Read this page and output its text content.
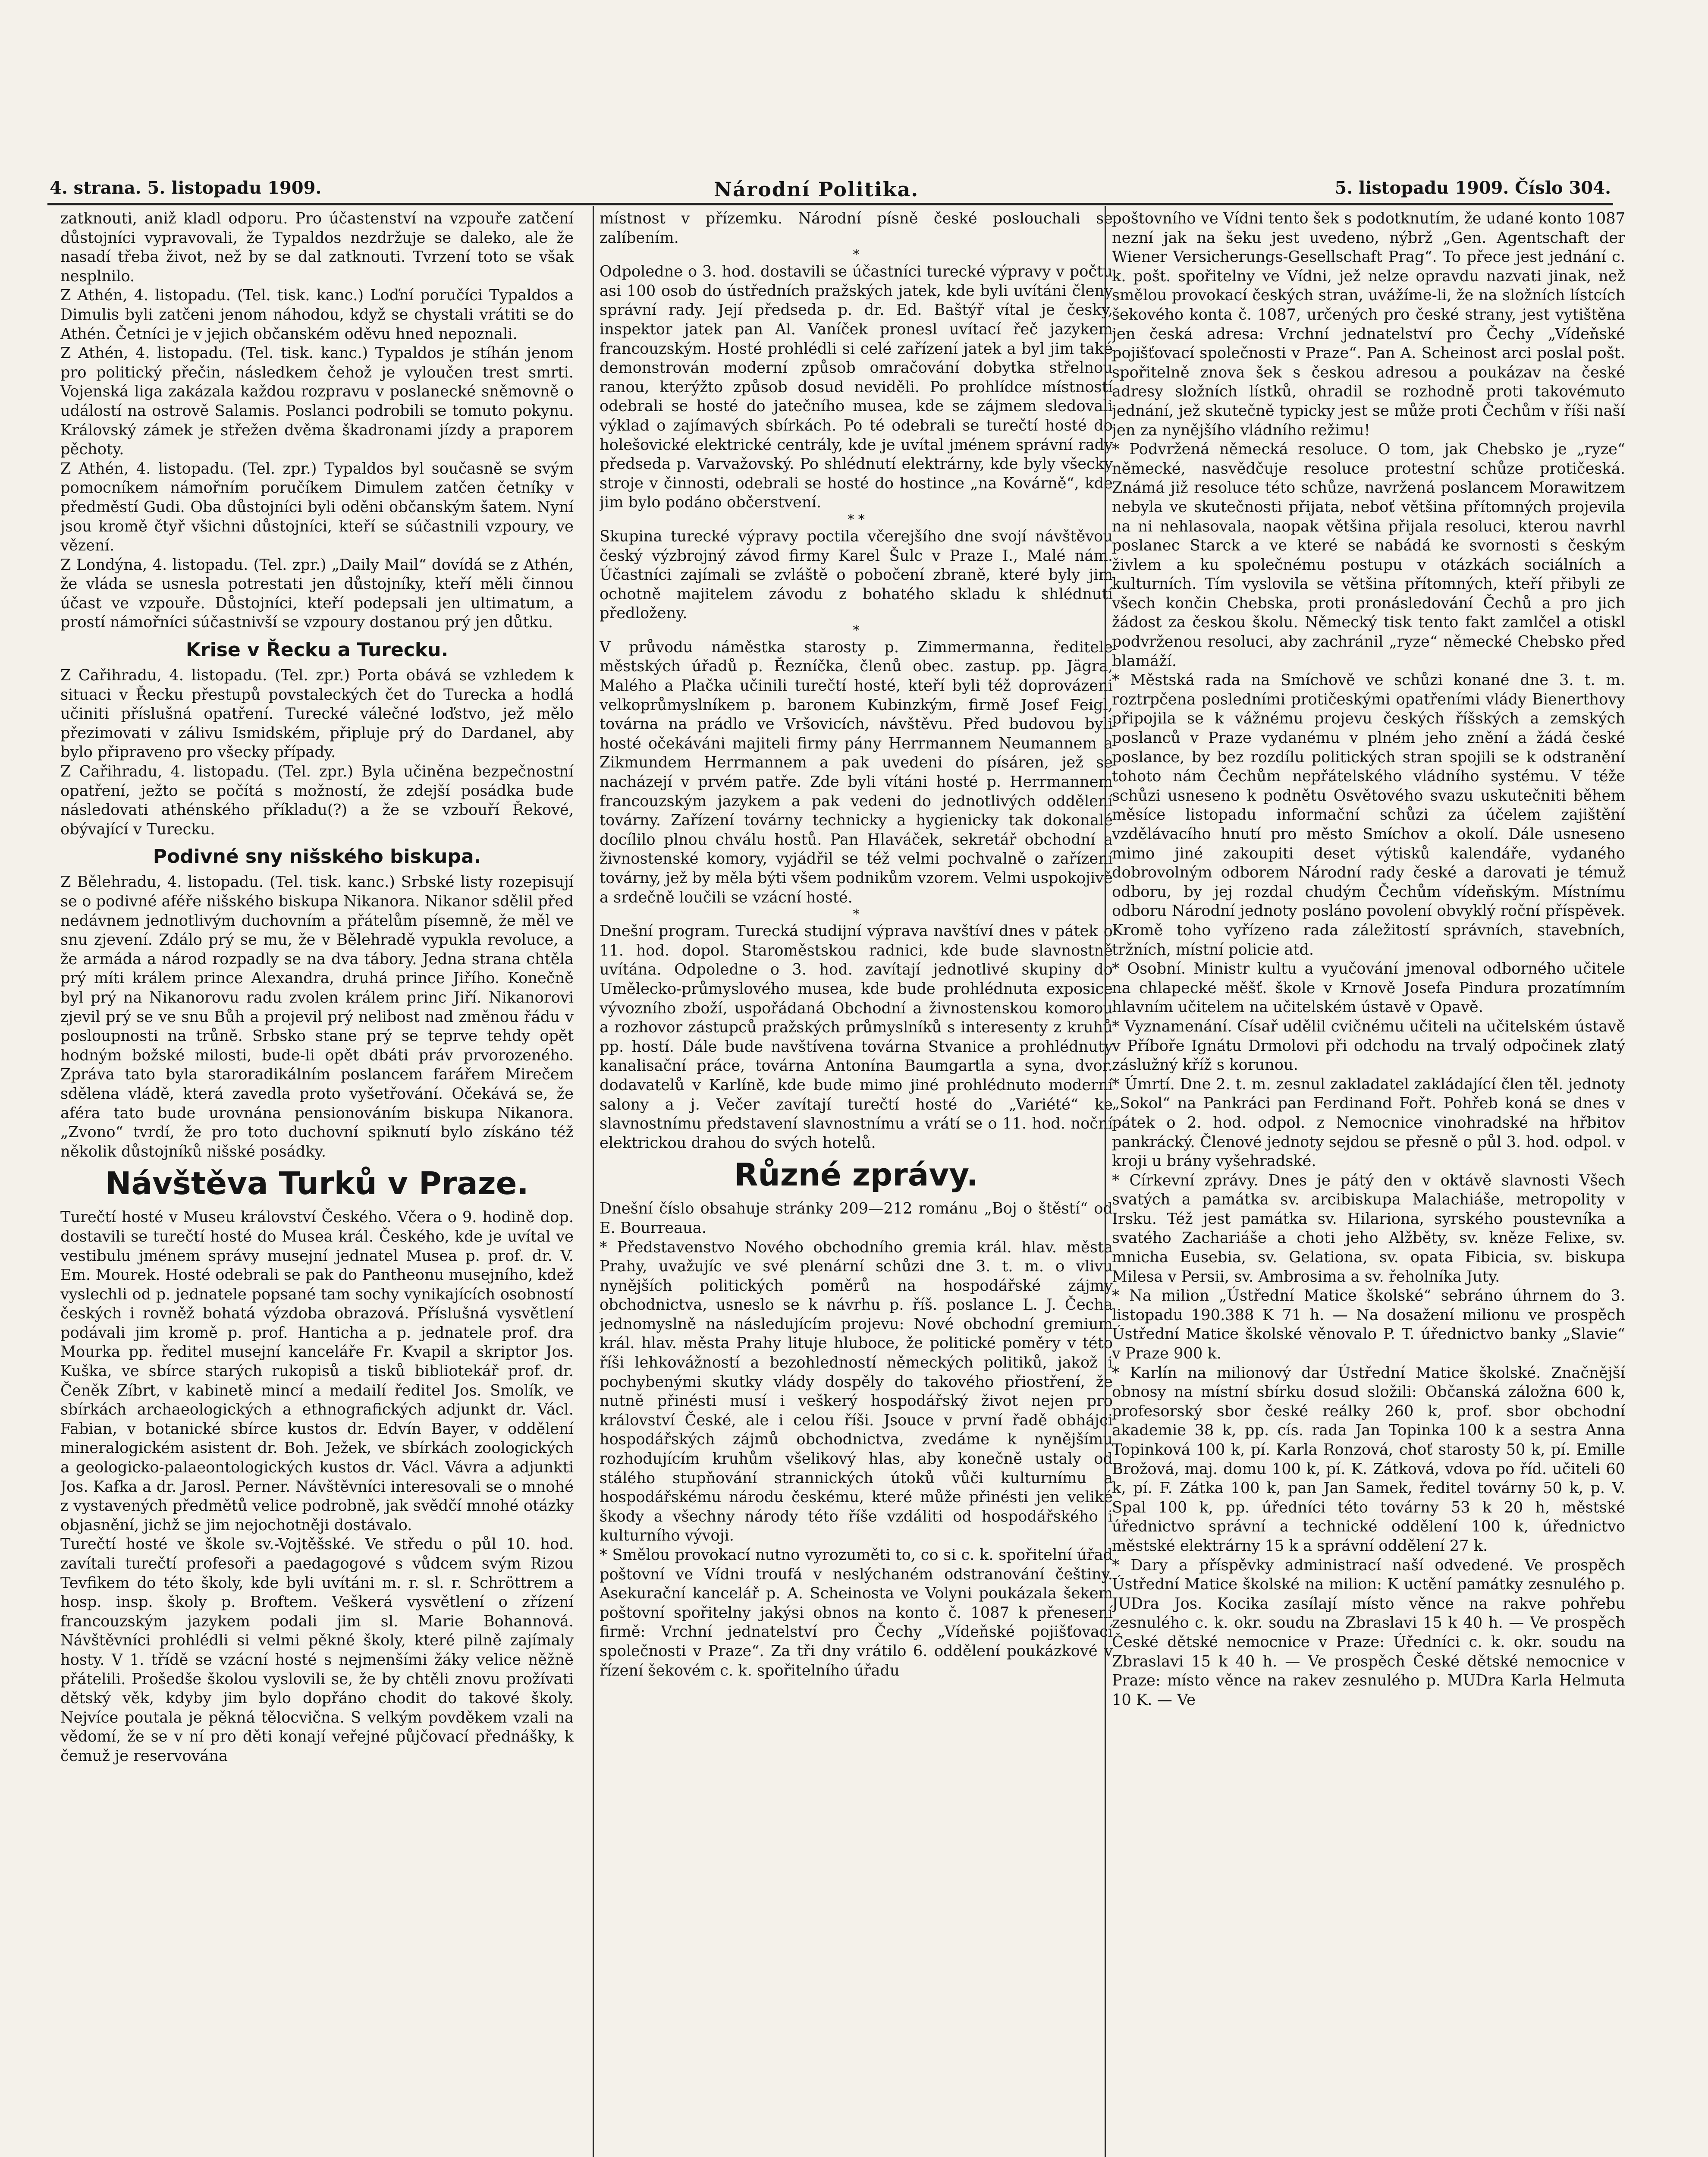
4. strana. 5. listopadu 1909.	Národní Politika.	5. listopadu 1909. Číslo 304.

zatknouti, aniž kladl odporu. Pro účastenství na vzpouře zatčení důstojníci vypravovali, že Typaldos nezdržuje se daleko, ale že nasadí třeba život, než by se dal zatknouti. Tvrzení toto se však nesplnilo.

Z Athén, 4. listopadu. (Tel. tisk. kanc.) Loďní poručíci Typaldos a Dimulis byli zatčeni jenom náhodou, když se chystali vrátiti se do Athén. Četníci je v jejich občanském oděvu hned nepoznali.

Z Athén, 4. listopadu. (Tel. tisk. kanc.) Typaldos je stíhán jenom pro politický přečin, následkem čehož je vyloučen trest smrti. Vojenská liga zakázala každou rozpravu v poslanecké sněmovně o událostí na ostrově Salamis. Poslanci podrobili se tomuto pokynu. Královský zámek je střežen dvěma škadronami jízdy a praporem pěchoty.

Z Athén, 4. listopadu. (Tel. zpr.) Typaldos byl současně se svým pomocníkem námořním poručíkem Dimulem zatčen četníky v předměstí Gudi. Oba důstojníci byli oděni občanským šatem. Nyní jsou kromě čtyř všichni důstojníci, kteří se súčastnili vzpoury, ve vězení.

Z Londýna, 4. listopadu. (Tel. zpr.) „Daily Mail“ dovídá se z Athén, že vláda se usnesla potrestati jen důstojníky, kteří měli činnou účast ve vzpouře. Důstojníci, kteří podepsali jen ultimatum, a prostí námořníci súčastnivší se vzpoury dostanou prý jen důtku.

Krise v Řecku a Turecku.

Z Cařihradu, 4. listopadu. (Tel. zpr.) Porta obává se vzhledem k situaci v Řecku přestupů povstaleckých čet do Turecka a hodlá učiniti příslušná opatření. Turecké válečné loďstvo, jež mělo přezimovati v zálivu Ismidském, připluje prý do Dardanel, aby bylo připraveno pro všecky případy.

Z Cařihradu, 4. listopadu. (Tel. zpr.) Byla učiněna bezpečnostní opatření, ježto se počítá s možností, že zdejší posádka bude následovati athénského příkladu(?) a že se vzbouří Řekové, obývající v Turecku.

Podivné sny nišského biskupa.

Z Bělehradu, 4. listopadu. (Tel. tisk. kanc.) Srbské listy rozepisují se o podivné aféře nišského biskupa Nikanora. Nikanor sdělil před nedávnem jednotlivým duchovním a přátelům písemně, že měl ve snu zjevení. Zdálo prý se mu, že v Bělehradě vypukla revoluce, a že armáda a národ rozpadly se na dva tábory. Jedna strana chtěla prý míti králem prince Alexandra, druhá prince Jiřího. Konečně byl prý na Nikanorovu radu zvolen králem princ Jiří. Nikanorovi zjevil prý se ve snu Bůh a projevil prý nelibost nad změnou řádu v posloupnosti na trůně. Srbsko stane prý se teprve tehdy opět hodným božské milosti, bude-li opět dbáti práv prvorozeného. Zpráva tato byla staroradikálním poslancem farářem Mirečem sdělena vládě, která zavedla proto vyšetřování. Očekává se, že aféra tato bude urovnána pensionováním biskupa Nikanora. „Zvono“ tvrdí, že pro toto duchovní spiknutí bylo získáno též několik důstojníků nišské posádky.

Návštěva Turků v Praze.

Turečtí hosté v Museu království Českého. Včera o 9. hodině dop. dostavili se turečtí hosté do Musea král. Českého, kde je uvítal ve vestibulu jménem správy musejní jednatel Musea p. prof. dr. V. Em. Mourek. Hosté odebrali se pak do Pantheonu musejního, kdež vyslechli od p. jednatele popsané tam sochy vynikajících osobností českých i rovněž bohatá výzdoba obrazová. Příslušná vysvětlení podávali jim kromě p. prof. Hanticha a p. jednatele prof. dra Mourka pp. ředitel musejní kanceláře Fr. Kvapil a skriptor Jos. Kuška, ve sbírce starých rukopisů a tisků bibliotekář prof. dr. Čeněk Zíbrt, v kabinetě mincí a medailí ředitel Jos. Smolík, ve sbírkách archaeologických a ethnografických adjunkt dr. Václ. Fabian, v botanické sbírce kustos dr. Edvín Bayer, v oddělení mineralogickém asistent dr. Boh. Ježek, ve sbírkách zoologických a geologicko-palaeontologických kustos dr. Václ. Vávra a adjunkti Jos. Kafka a dr. Jarosl. Perner. Návštěvníci interesovali se o mnohé z vystavených předmětů velice podrobně, jak svědčí mnohé otázky objasnění, jichž se jim nejochotněji dostávalo.

Turečtí hosté ve škole sv.-Vojtěšské. Ve středu o půl 10. hod. zavítali turečtí profesoři a paedagogové s vůdcem svým Rizou Tevfikem do této školy, kde byli uvítáni m. r. sl. r. Schröttrem a hosp. insp. školy p. Broftem. Veškerá vysvětlení o zřízení francouzským jazykem podali jim sl. Marie Bohannová. Návštěvníci prohlédli si velmi pěkné školy, které pilně zajímaly hosty. V 1. třídě se vzácní hosté s nejmenšími žáky velice něžně přátelili. Prošedše školou vyslovili se, že by chtěli znovu prožívati dětský věk, kdyby jim bylo dopřáno chodit do takové školy. Nejvíce poutala je pěkná tělocvična. S velkým povděkem vzali na vědomí, že se v ní pro děti konají veřejné půjčovací přednášky, k čemuž je reservována

místnost v přízemku. Národní písně české poslouchali se zalíbením.

*

Odpoledne o 3. hod. dostavili se účastníci turecké výpravy v počtu asi 100 osob do ústředních pražských jatek, kde byli uvítáni členy správní rady. Její předseda p. dr. Ed. Baštýř vítal je česky, inspektor jatek pan Al. Vaníček pronesl uvítací řeč jazykem francouzským. Hosté prohlédli si celé zařízení jatek a byl jim také demonstrován moderní způsob omračování dobytka střelnou ranou, kterýžto způsob dosud neviděli. Po prohlídce místností odebrali se hosté do jatečního musea, kde se zájmem sledovali výklad o zajímavých sbírkách. Po té odebrali se turečtí hosté do holešovické elektrické centrály, kde je uvítal jménem správní rady předseda p. Varvažovský. Po shlédnutí elektrárny, kde byly všecky stroje v činnosti, odebrali se hosté do hostince „na Kovárně“, kde jim bylo podáno občerstvení.

* *

Skupina turecké výpravy poctila včerejšího dne svojí návštěvou český výzbrojný závod firmy Karel Šulc v Praze I., Malé nám. Účastníci zajímali se zvláště o pobočení zbraně, které byly jim ochotně majitelem závodu z bohatého skladu k shlédnutí předloženy.

*

V průvodu náměstka starosty p. Zimmermanna, ředitele městských úřadů p. Řezníčka, členů obec. zastup. pp. Jägra, Malého a Plačka učinili turečtí hosté, kteří byli též doprovázeni velkoprůmyslníkem p. baronem Kubinzkým, firmě Josef Feigl, továrna na prádlo ve Vršovicích, návštěvu. Před budovou byli hosté očekáváni majiteli firmy pány Herrmannem Neumannem a Zikmundem Herrmannem a pak uvedeni do písáren, jež se nacházejí v prvém patře. Zde byli vítáni hosté p. Herrmannem francouzským jazykem a pak vedeni do jednotlivých oddělení továrny. Zařízení továrny technicky a hygienicky tak dokonalé docílilo plnou chválu hostů. Pan Hlaváček, sekretář obchodní a živnostenské komory, vyjádřil se též velmi pochvalně o zařízení továrny, jež by měla býti všem podnikům vzorem. Velmi uspokojivě a srdečně loučili se vzácní hosté.

*

Dnešní program. Turecká studijní výprava navštíví dnes v pátek o 11. hod. dopol. Staroměstskou radnici, kde bude slavnostně uvítána. Odpoledne o 3. hod. zavítají jednotlivé skupiny do Umělecko-průmyslového musea, kde bude prohlédnuta exposice vývozního zboží, uspořádaná Obchodní a živnostenskou komorou a rozhovor zástupců pražských průmyslníků s interesenty z kruhů pp. hostí. Dále bude navštívena továrna Stvanice a prohlédnuty kanalisační práce, továrna Antonína Baumgartla a syna, dvor. dodavatelů v Karlíně, kde bude mimo jiné prohlédnuto moderní salony a j. Večer zavítají turečtí hosté do „Variété“ ke slavnostnímu představení slavnostnímu a vrátí se o 11. hod. noční elektrickou drahou do svých hotelů.

Různé zprávy.

Dnešní číslo obsahuje stránky 209—212 románu „Boj o štěstí“ od E. Bourreaua.

* Představenstvo Nového obchodního gremia král. hlav. města Prahy, uvažujíc ve své plenární schůzi dne 3. t. m. o vlivu nynějších politických poměrů na hospodářské zájmy obchodnictva, usneslo se k návrhu p. říš. poslance L. J. Čecha jednomyslně na následujícím projevu: Nové obchodní gremium král. hlav. města Prahy lituje hluboce, že politické poměry v této říši lehkovážností a bezohledností německých politiků, jakož i pochybenými skutky vlády dospěly do takového přiostření, že nutně přinésti musí i veškerý hospodářský život nejen pro království České, ale i celou říši. Jsouce v první řadě obhájci hospodářských zájmů obchodnictva, zvedáme k nynějšímu rozhodujícím kruhům všelikový hlas, aby konečně ustaly od stálého stupňování strannických útoků vůči kulturnímu a hospodářskému národu českému, které může přinésti jen veliké škody a všechny národy této říše vzdáliti od hospodářského i kulturního vývoji.

* Smělou provokací nutno vyrozuměti to, co si c. k. spořitelní úřad poštovní ve Vídni troufá v neslýchaném odstranování češtiny. Asekurační kancelář p. A. Scheinosta ve Volyni poukázala šekem poštovní spořitelny jakýsi obnos na konto č. 1087 k přenesení firmě: Vrchní jednatelství pro Čechy „Vídeňské pojišťovací společnosti v Praze“. Za tři dny vrátilo 6. oddělení poukázkové v řízení šekovém c. k. spořitelního úřadu

poštovního ve Vídni tento šek s podotknutím, že udané konto 1087 nezní jak na šeku jest uvedeno, nýbrž „Gen. Agentschaft der Wiener Versicherungs-Gesellschaft Prag“. To přece jest jednání c. k. pošt. spořitelny ve Vídni, jež nelze opravdu nazvati jinak, než smělou provokací českých stran, uvážíme-li, že na složních lístcích šekového konta č. 1087, určených pro české strany, jest vytištěna jen česká adresa: Vrchní jednatelství pro Čechy „Vídeňské pojišťovací společnosti v Praze“. Pan A. Scheinost arci poslal pošt. spořitelně znova šek s českou adresou a poukázav na české adresy složních lístků, ohradil se rozhodně proti takovémuto jednání, jež skutečně typicky jest se může proti Čechům v říši naší jen za nynějšího vládního režimu!

* Podvržená německá resoluce. O tom, jak Chebsko je „ryze“ německé, nasvědčuje resoluce protestní schůze protičeská. Známá již resoluce této schůze, navržená poslancem Morawitzem nebyla ve skutečnosti přijata, neboť většina přítomných projevila na ni nehlasovala, naopak většina přijala resoluci, kterou navrhl poslanec Starck a ve které se nabádá ke svornosti s českým živlem a ku společnému postupu v otázkách sociálních a kulturních. Tím vyslovila se většina přítomných, kteří přibyli ze všech končin Chebska, proti pronásledování Čechů a pro jich žádost za českou školu. Německý tisk tento fakt zamlčel a otiskl podvrženou resoluci, aby zachránil „ryze“ německé Chebsko před blamáží.

* Městská rada na Smíchově ve schůzi konané dne 3. t. m. roztrpčena posledními protičeskými opatřeními vlády Bienerthovy připojila se k vážnému projevu českých říšských a zemských poslanců v Praze vydanému v plném jeho znění a žádá české poslance, by bez rozdílu politických stran spojili se k odstranění tohoto nám Čechům nepřátelského vládního systému. V téže schůzi usneseno k podnětu Osvětového svazu uskutečniti během měsíce listopadu informační schůzi za účelem zajištění vzdělávacího hnutí pro město Smíchov a okolí. Dále usneseno mimo jiné zakoupiti deset výtisků kalendáře, vydaného dobrovolným odborem Národní rady české a darovati je témuž odboru, by jej rozdal chudým Čechům vídeňským. Místnímu odboru Národní jednoty posláno povolení obvyklý roční příspěvek. Kromě toho vyřízeno rada záležitostí správních, stavebních, tržních, místní policie atd.

* Osobní. Ministr kultu a vyučování jmenoval odborného učitele na chlapecké měšť. škole v Krnově Josefa Pindura prozatímním hlavním učitelem na učitelském ústavě v Opavě.

* Vyznamenání. Císař udělil cvičnému učiteli na učitelském ústavě v Příboře Ignátu Drmolovi při odchodu na trvalý odpočinek zlatý záslužný kříž s korunou.

* Úmrtí. Dne 2. t. m. zesnul zakladatel zakládající člen těl. jednoty „Sokol“ na Pankráci pan Ferdinand Fořt. Pohřeb koná se dnes v pátek o 2. hod. odpol. z Nemocnice vinohradské na hřbitov pankrácký. Členové jednoty sejdou se přesně o půl 3. hod. odpol. v kroji u brány vyšehradské.

* Církevní zprávy. Dnes je pátý den v oktávě slavnosti Všech svatých a památka sv. arcibiskupa Malachiáše, metropolity v Irsku. Též jest památka sv. Hilariona, syrského poustevníka a svatého Zachariáše a choti jeho Alžběty, sv. kněze Felixe, sv. mnicha Eusebia, sv. Gelationa, sv. opata Fibicia, sv. biskupa Milesa v Persii, sv. Ambrosima a sv. řeholníka Juty.

* Na milion „Ústřední Matice školské“ sebráno úhrnem do 3. listopadu 190.388 K 71 h. — Na dosažení milionu ve prospěch Ústřední Matice školské věnovalo P. T. úřednictvo banky „Slavie“ v Praze 900 k.

* Karlín na milionový dar Ústřední Matice školské. Značnější obnosy na místní sbírku dosud složili: Občanská záložna 600 k, profesorský sbor české reálky 260 k, prof. sbor obchodní akademie 38 k, pp. cís. rada Jan Topinka 100 k a sestra Anna Topinková 100 k, pí. Karla Ronzová, choť starosty 50 k, pí. Emille Brožová, maj. domu 100 k, pí. K. Zátková, vdova po říd. učiteli 60 k, pí. F. Zátka 100 k, pan Jan Samek, ředitel továrny 50 k, p. V. Spal 100 k, pp. úředníci této továrny 53 k 20 h, městské úřednictvo správní a technické oddělení 100 k, úřednictvo městské elektrárny 15 k a správní oddělení 27 k.

* Dary a příspěvky administrací naší odvedené. Ve prospěch Ústřední Matice školské na milion: K uctění památky zesnulého p. JUDra Jos. Kocika zasílají místo věnce na rakve pohřebu zesnulého c. k. okr. soudu na Zbraslavi 15 k 40 h. — Ve prospěch České dětské nemocnice v Praze: Úředníci c. k. okr. soudu na Zbraslavi 15 k 40 h. — Ve prospěch České dětské nemocnice v Praze: místo věnce na rakev zesnulého p. MUDra Karla Helmuta 10 K. — Ve
